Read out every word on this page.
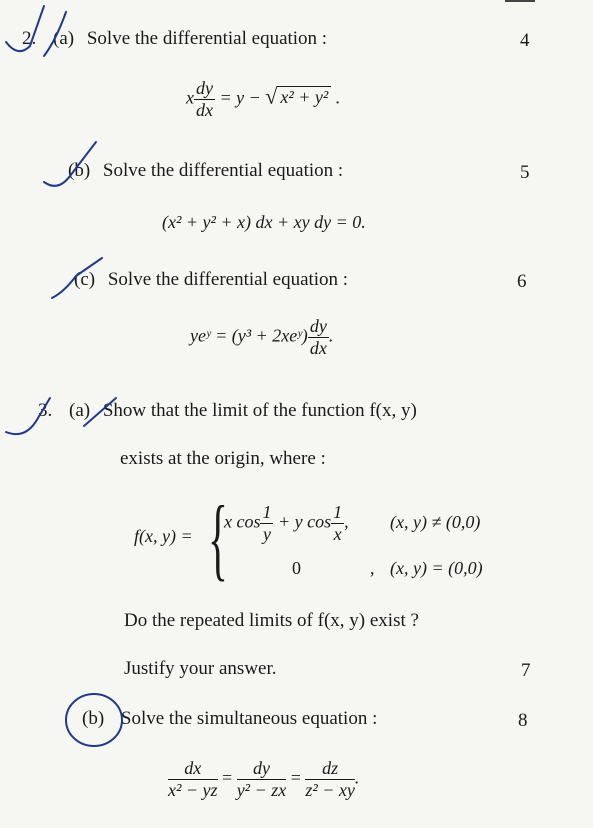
2. (a) Solve the differential equation :	4
x $\frac{dy}{dx} = y$ − √ x² + y² .
(b) Solve the differential equation :	5
(x² + y² + x) dx + xy dy = 0.
(c) Solve the differential equation :	6
yeʸ = (y³ + 2xeʸ) $\frac{dy}{dx}$ .
3. (a) Show that the limit of the function f(x, y)
exists at the origin, where :
f(x, y) = {
x $\cos \frac{1}{y} + y$ $\cos \frac{1}{x}$ , (x, y) ≠ (0,0)
0	, (x, y) = (0,0)
Do the repeated limits of f(x, y) exist ?
Justify your answer.	7
(b) Solve the simultaneous equation :	8
$\frac{dx}{\text{x² − yz}} = \frac{dy}{\text{y² − zx}} = \frac{dz}{\text{z² − xy}}$ .
